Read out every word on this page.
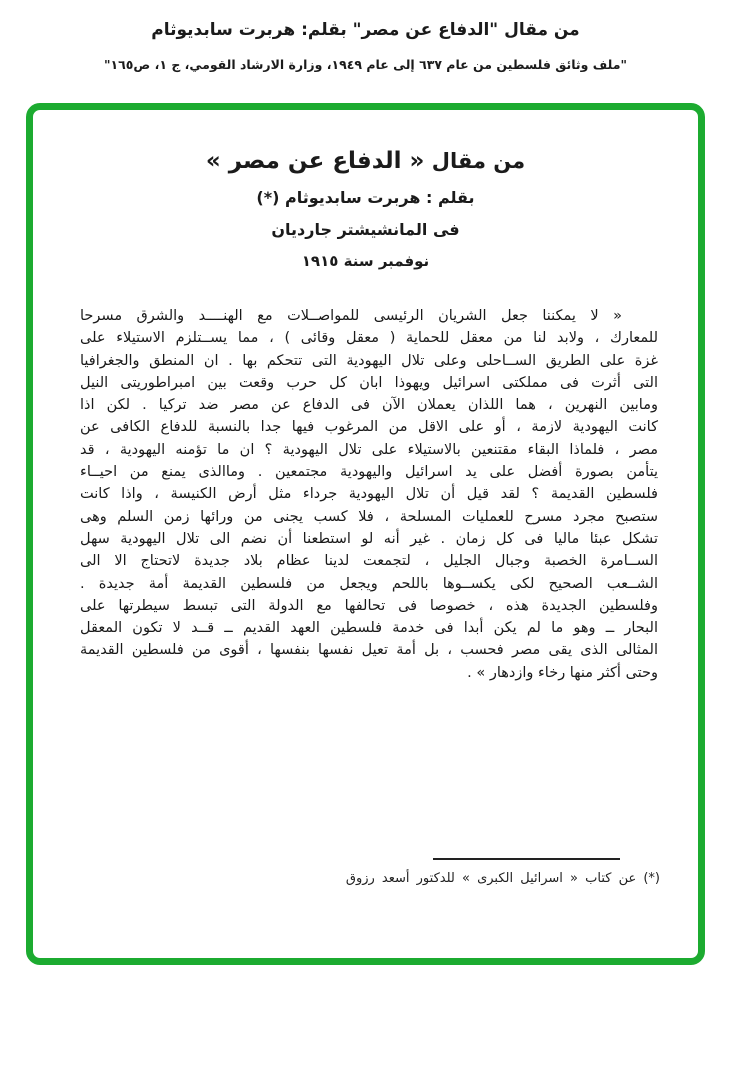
من مقال "الدفاع عن مصر" بقلم: هربرت سابديوثام
"ملف وثائق فلسطين من عام ٦٣٧ إلى عام ١٩٤٩، وزارة الارشاد القومي، ج ١، ص١٦٥"
من مقال « الدفاع عن مصر »
بقلم : هربرت سابديوثام (*)
فى المانشيشتر جارديان
نوفمبر سنة ١٩١٥
« لا يمكننا جعل الشريان الرئيسى للمواصــلات مع الهنــــد والشرق مسرحا
للمعارك ، ولابد لنا من معقل للحماية ( معقل وقائى ) ، مما يســتلزم الاستيلاء على
غزة على الطريق الســاحلى وعلى تلال اليهودية التى تتحكم بها . ان المنطق والجغرافيا
التى أثرت فى مملكتى اسرائيل ويهوذا ابان كل حرب وقعت بين امبراطوريتى النيل
ومابين النهرين ، هما اللذان يعملان الآن فى الدفاع عن مصر ضد تركيا . لكن اذا
كانت اليهودية لازمة ، أو على الاقل من المرغوب فيها جدا بالنسبة للدفاع الكافى عن
مصر ، فلماذا البقاء مقتنعين بالاستيلاء على تلال اليهودية ؟ ان ما تؤمنه اليهودية ، قد
يتأمن بصورة أفضل على يد اسرائيل واليهودية مجتمعين . وماالذى يمنع من احيــاء
فلسطين القديمة ؟ لقد قيل أن تلال اليهودية جرداء مثل أرض الكنيسة ، واذا كانت
ستصبح مجرد مسرح للعمليات المسلحة ، فلا كسب يجنى من ورائها زمن السلم وهى
تشكل عبئا ماليا فى كل زمان . غير أنه لو استطعنا أن نضم الى تلال اليهودية سهل
الســامرة الخصبة وجبال الجليل ، لتجمعت لدينا عظام بلاد جديدة لاتحتاج الا الى
الشــعب الصحيح لكى يكســوها باللحم ويجعل من فلسطين القديمة أمة جديدة .
وفلسطين الجديدة هذه ، خصوصا فى تحالفها مع الدولة التى تبسط سيطرتها على
البحار ــ وهو ما لم يكن أبدا فى خدمة فلسطين العهد القديم ــ قــد لا تكون المعقل
المثالى الذى يقى مصر فحسب ، بل أمة تعيل نفسها بنفسها ، أقوى من فلسطين القديمة
وحتى أكثر منها رخاء وازدهار » .
(*) عن كتاب « اسرائيل الكبرى » للدكتور أسعد رزوق
